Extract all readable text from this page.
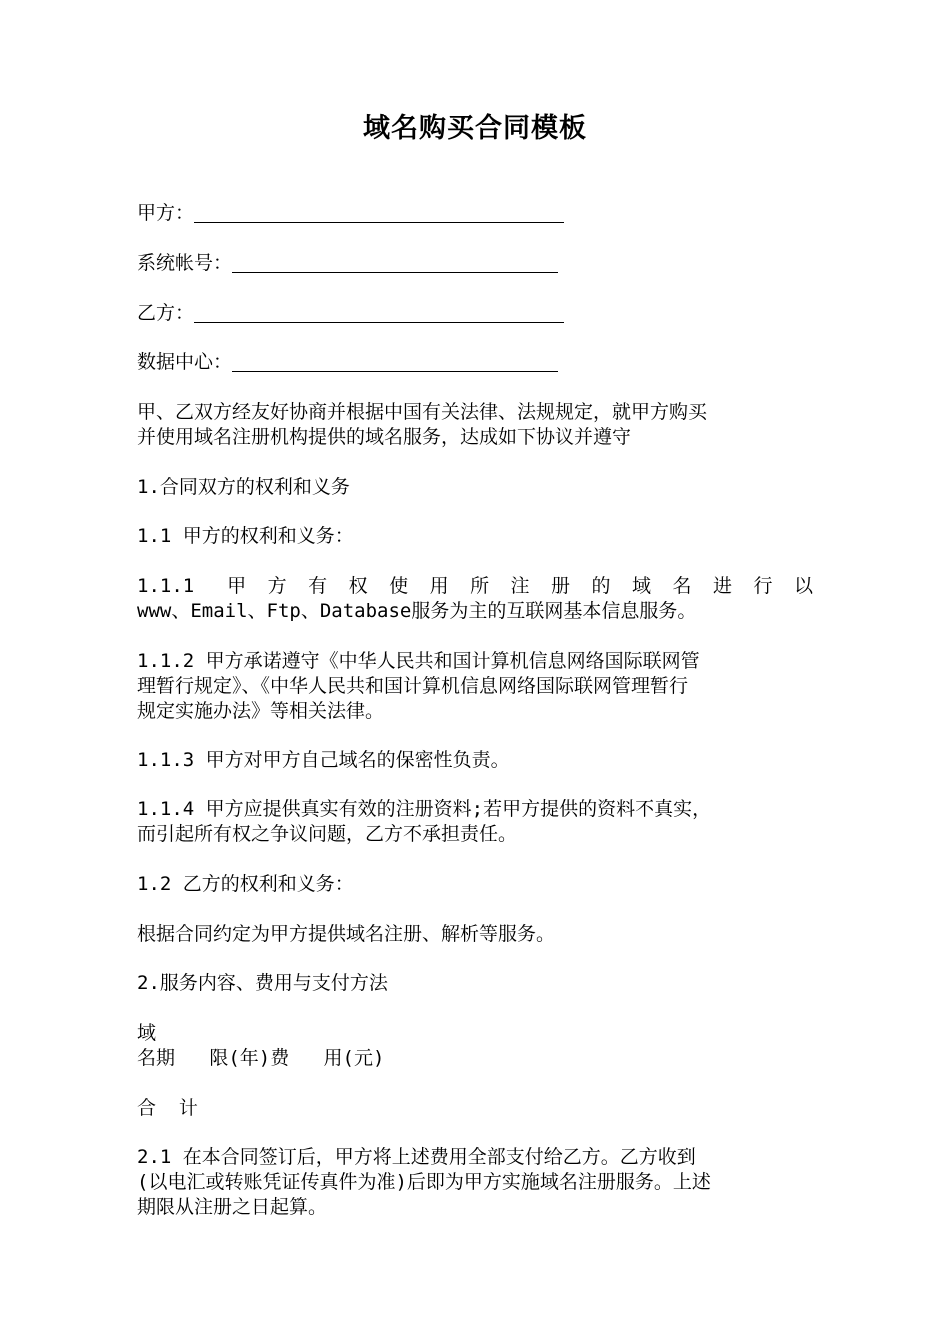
域名购买合同模板
甲方：
系统帐号：
乙方：
数据中心：
甲、乙双方经友好协商并根据中国有关法律、法规规定，就甲方购买
并使用域名注册机构提供的域名服务，达成如下协议并遵守
1.合同双方的权利和义务
1.1 甲方的权利和义务：
1.1.1 甲方有权使用所注册的域名进行以
www、Email、Ftp、Database服务为主的互联网基本信息服务。
1.1.2 甲方承诺遵守《中华人民共和国计算机信息网络国际联网管
理暂行规定》、《中华人民共和国计算机信息网络国际联网管理暂行
规定实施办法》等相关法律。
1.1.3 甲方对甲方自己域名的保密性负责。
1.1.4 甲方应提供真实有效的注册资料;若甲方提供的资料不真实，
而引起所有权之争议问题，乙方不承担责任。
1.2 乙方的权利和义务：
根据合同约定为甲方提供域名注册、解析等服务。
2.服务内容、费用与支付方法
域
名期   限(年)费   用(元)
合  计
2.1 在本合同签订后，甲方将上述费用全部支付给乙方。乙方收到
(以电汇或转账凭证传真件为准)后即为甲方实施域名注册服务。上述
期限从注册之日起算。
